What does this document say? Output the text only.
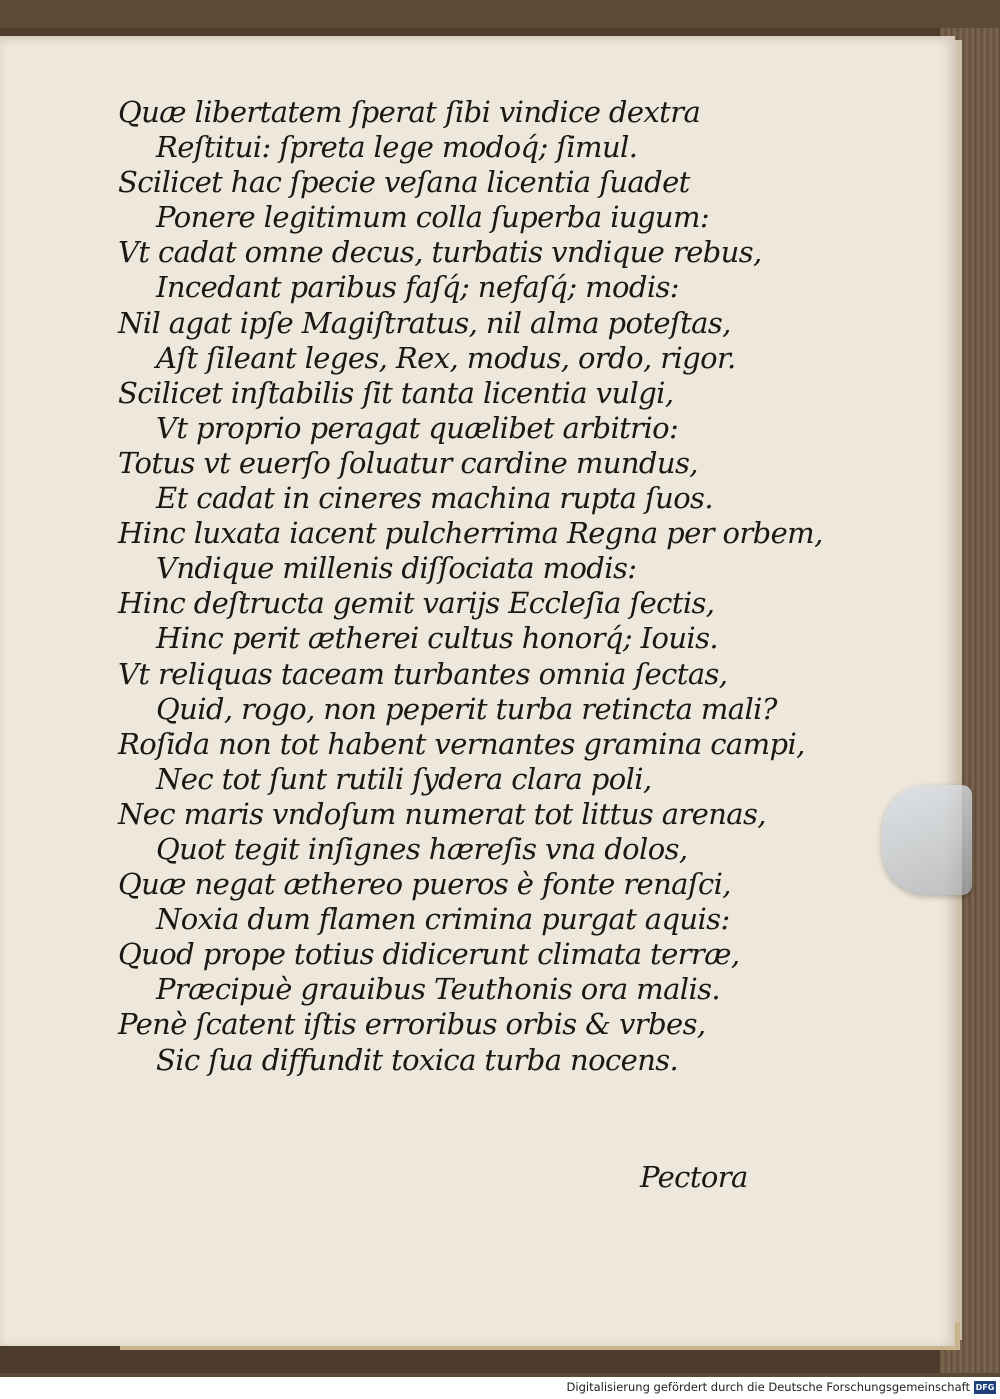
Quæ libertatem ſperat ſibi vindice dextra
Reſtitui: ſpreta lege modoq́; ſimul.
Scilicet hac ſpecie veſana licentia ſuadet
Ponere legitimum colla ſuperba iugum:
Vt cadat omne decus, turbatis vndique rebus,
Incedant paribus faſq́; nefaſq́; modis:
Nil agat ipſe Magiſtratus, nil alma poteſtas,
Aſt ſileant leges, Rex, modus, ordo, rigor.
Scilicet inſtabilis ſit tanta licentia vulgi,
Vt proprio peragat quælibet arbitrio:
Totus vt euerſo ſoluatur cardine mundus,
Et cadat in cineres machina rupta ſuos.
Hinc luxata iacent pulcherrima Regna per orbem,
Vndique millenis diſſociata modis:
Hinc deſtructa gemit varijs Eccleſia ſectis,
Hinc perit ætherei cultus honorq́; Iouis.
Vt reliquas taceam turbantes omnia ſectas,
Quid, rogo, non peperit turba retincta mali?
Roſida non tot habent vernantes gramina campi,
Nec tot ſunt rutili ſydera clara poli,
Nec maris vndoſum numerat tot littus arenas,
Quot tegit inſignes hæreſis vna dolos,
Quæ negat æthereo pueros è fonte renaſci,
Noxia dum flamen crimina purgat aquis:
Quod prope totius didicerunt climata terræ,
Præcipuè grauibus Teuthonis ora malis.
Penè ſcatent iſtis erroribus orbis & vrbes,
Sic ſua diffundit toxica turba nocens.
Pectora
Digitalisierung gefördert durch die Deutsche Forschungsgemeinschaft DFG
